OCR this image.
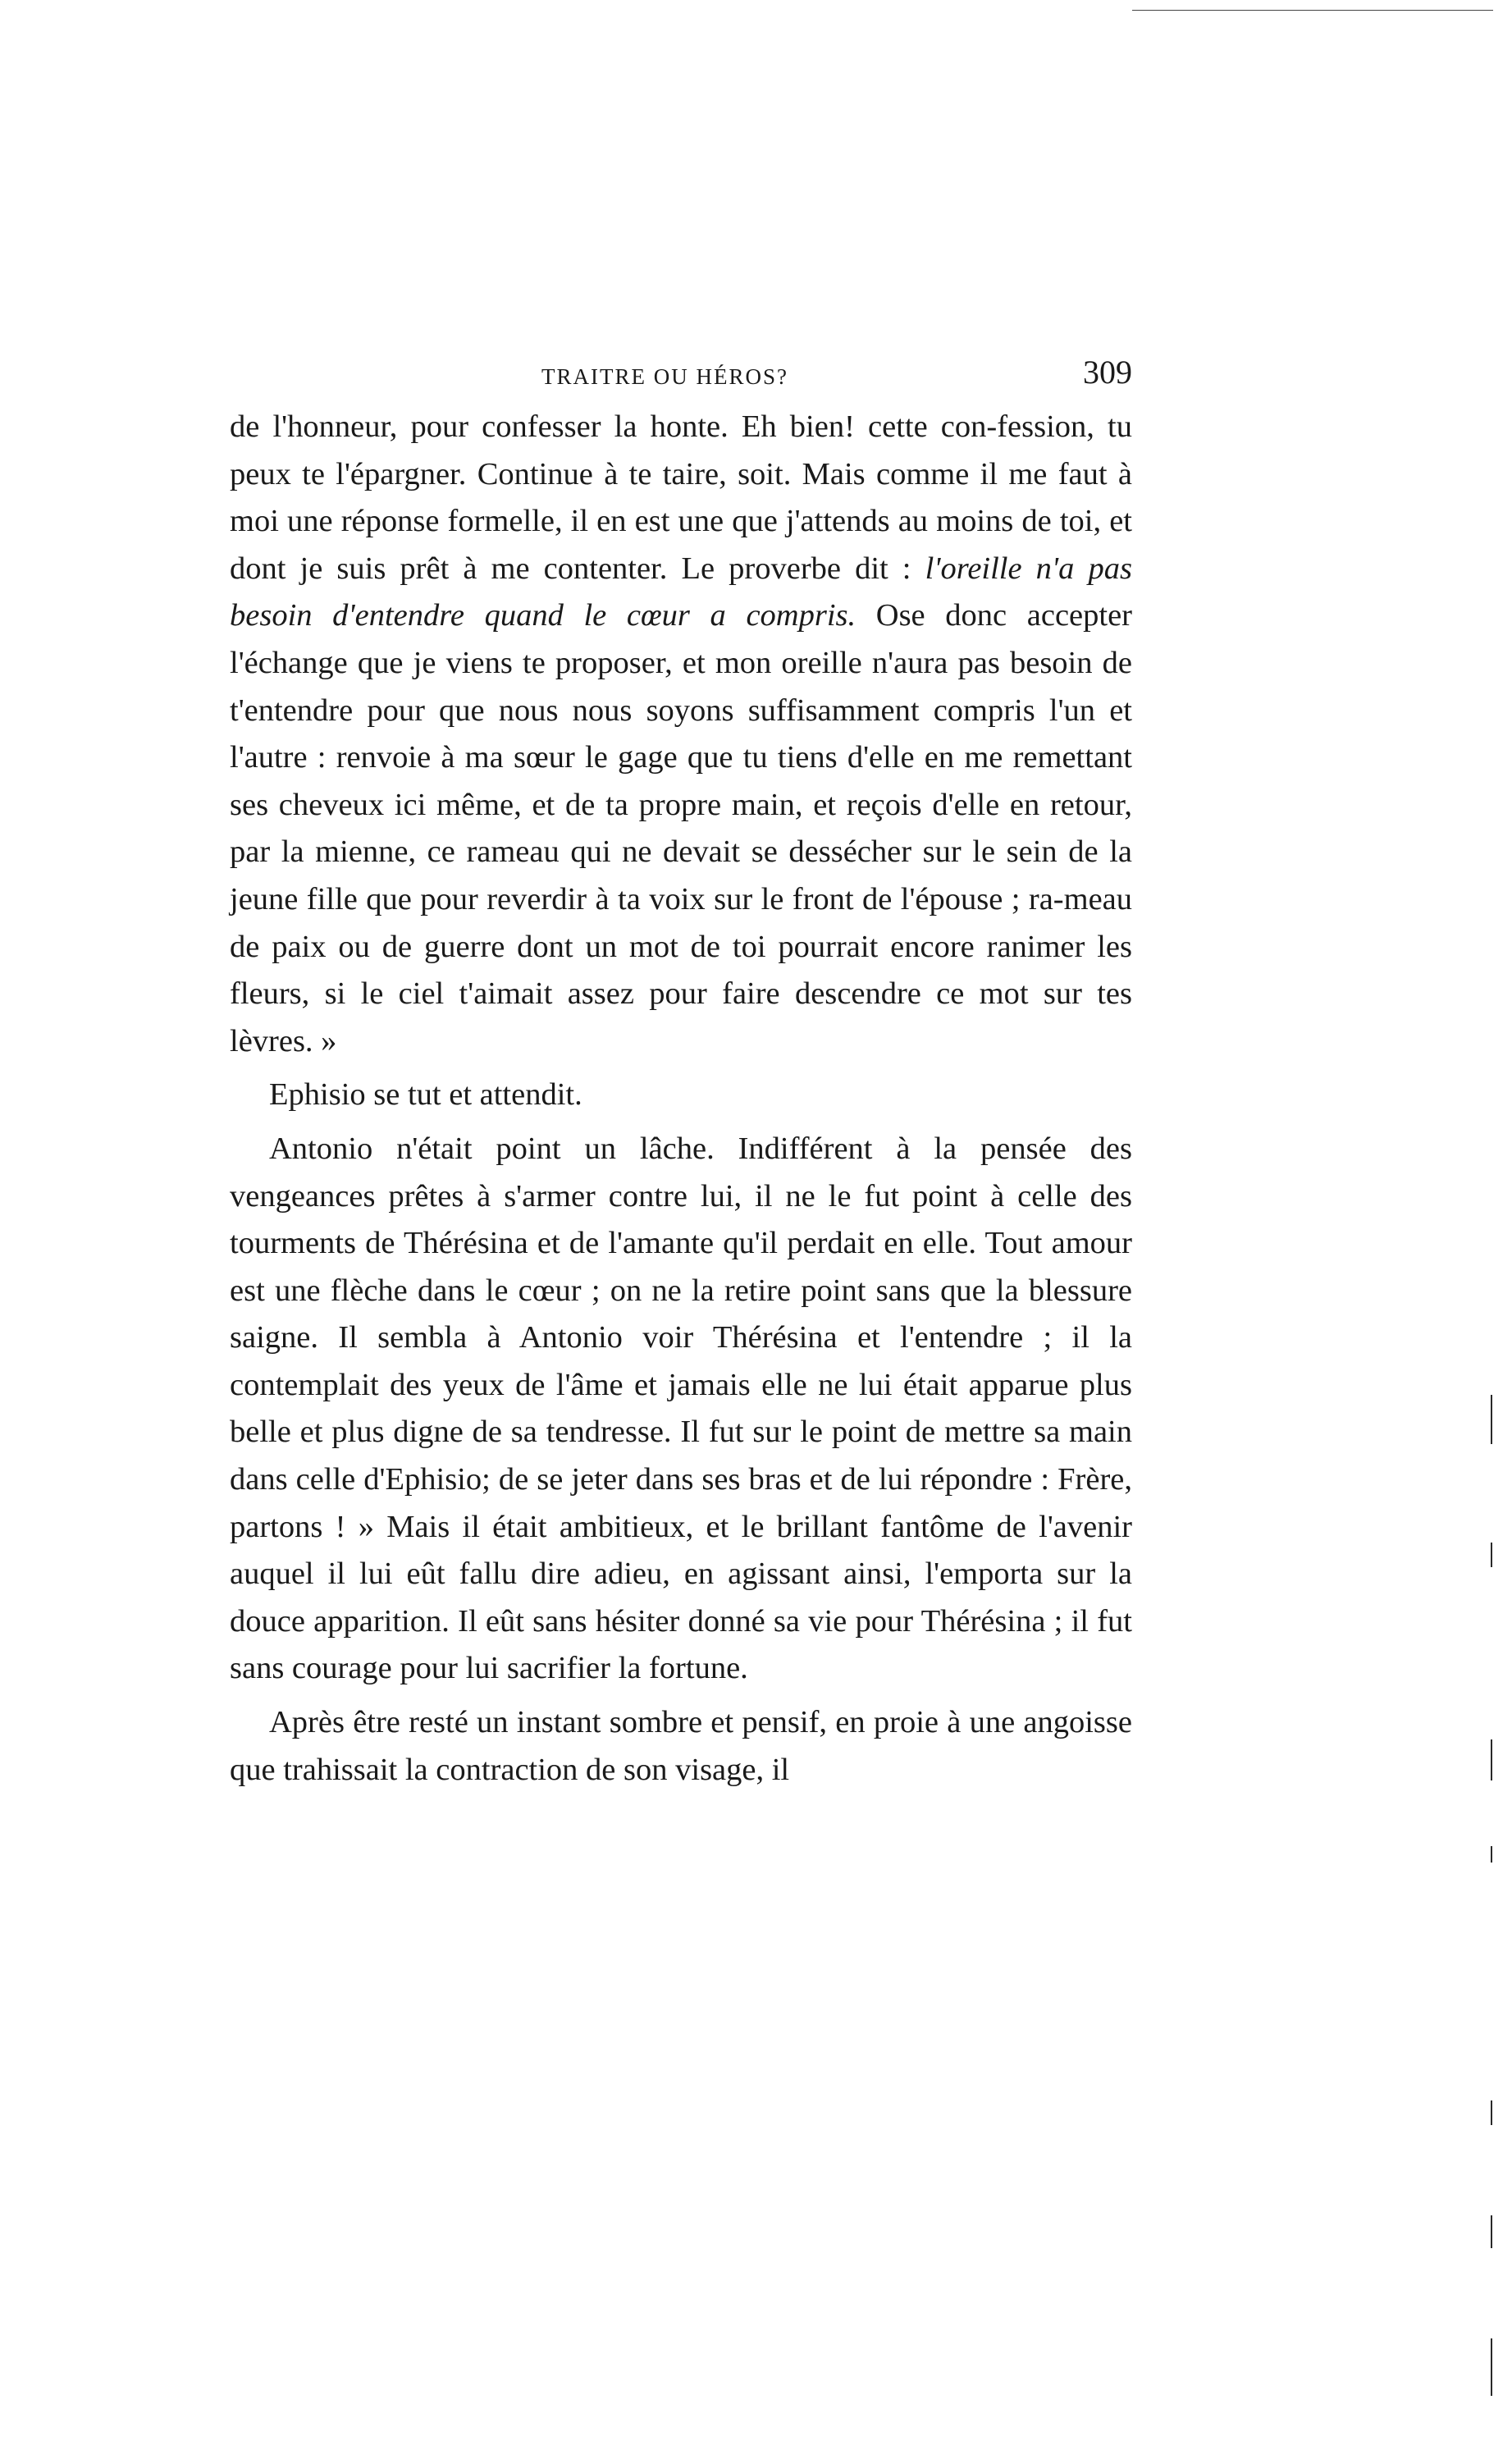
TRAITRE OU HÉROS?	309

de l'honneur, pour confesser la honte. Eh bien! cette con-fession, tu peux te l'épargner. Continue à te taire, soit. Mais comme il me faut à moi une réponse formelle, il en est une que j'attends au moins de toi, et dont je suis prêt à me contenter. Le proverbe dit : l'oreille n'a pas besoin d'entendre quand le cœur a compris. Ose donc accepter l'échange que je viens te proposer, et mon oreille n'aura pas besoin de t'entendre pour que nous nous soyons suffisamment compris l'un et l'autre : renvoie à ma sœur le gage que tu tiens d'elle en me remettant ses cheveux ici même, et de ta propre main, et reçois d'elle en retour, par la mienne, ce rameau qui ne devait se dessécher sur le sein de la jeune fille que pour reverdir à ta voix sur le front de l'épouse ; ra-meau de paix ou de guerre dont un mot de toi pourrait encore ranimer les fleurs, si le ciel t'aimait assez pour faire descendre ce mot sur tes lèvres. »

Ephisio se tut et attendit.

Antonio n'était point un lâche. Indifférent à la pensée des vengeances prêtes à s'armer contre lui, il ne le fut point à celle des tourments de Thérésina et de l'amante qu'il perdait en elle. Tout amour est une flèche dans le cœur ; on ne la retire point sans que la blessure saigne. Il sembla à Antonio voir Thérésina et l'entendre ; il la contemplait des yeux de l'âme et jamais elle ne lui était apparue plus belle et plus digne de sa tendresse. Il fut sur le point de mettre sa main dans celle d'Ephisio; de se jeter dans ses bras et de lui répondre : Frère, partons ! » Mais il était ambitieux, et le brillant fantôme de l'avenir auquel il lui eût fallu dire adieu, en agissant ainsi, l'emporta sur la douce apparition. Il eût sans hésiter donné sa vie pour Thérésina ; il fut sans courage pour lui sacrifier la fortune.

Après être resté un instant sombre et pensif, en proie à une angoisse que trahissait la contraction de son visage, il
